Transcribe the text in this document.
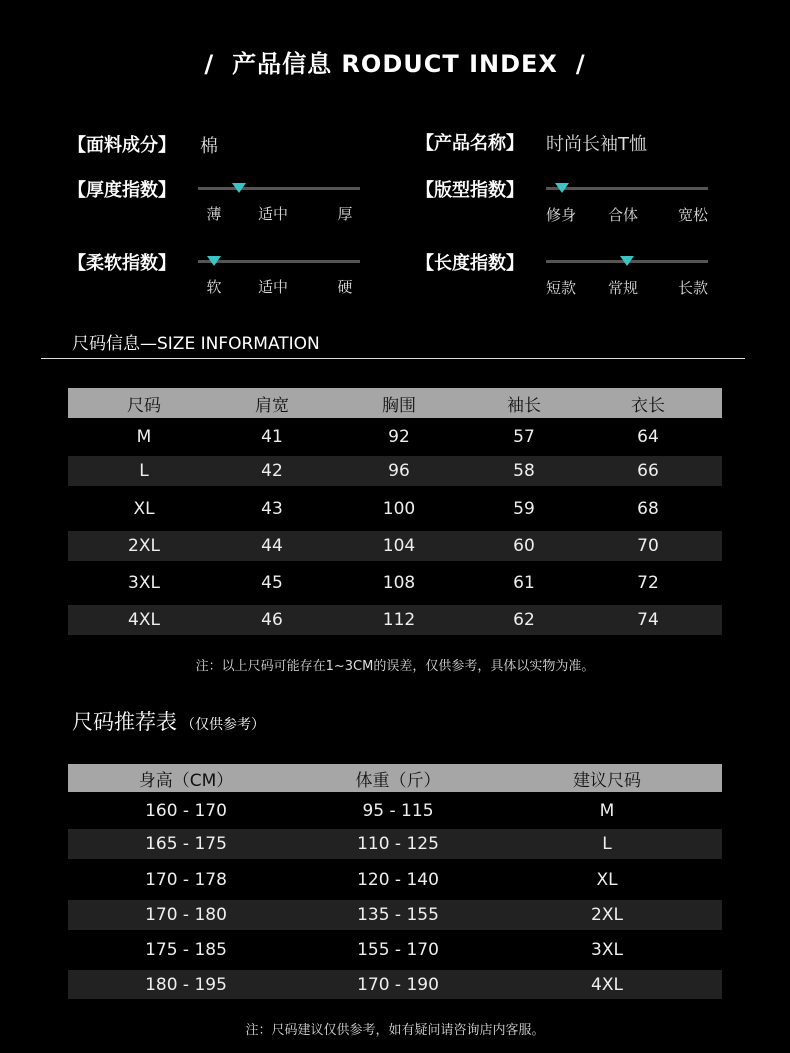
/ 产品信息 RODUCT INDEX /
【面料成分】 棉	【产品名称】 时尚长袖T恤
【厚度指数】
薄 适中	厚
【版型指数】
修身 合体	宽松
【柔软指数】
软 适中	硬
【长度指数】
短款 常规	长款
尺码信息—SIZE INFORMATION
尺码	肩宽	胸围	袖长	衣长
M	41	92	57	64
L	42	96	58	66
XL	43	100	59	68
2XL	44	104	60	70
3XL	45	108	61	72
4XL	46	112	62	74
注：以上尺码可能存在1~3CM的误差，仅供参考，具体以实物为准。
尺码推荐表 （仅供参考）
身高（CM）	体重（斤）	建议尺码
160 - 170	95 - 115	M
165 - 175	110 - 125	L
170 - 178	120 - 140	XL
170 - 180	135 - 155	2XL
175 - 185	155 - 170	3XL
180 - 195	170 - 190	4XL
注：尺码建议仅供参考，如有疑问请咨询店内客服。
